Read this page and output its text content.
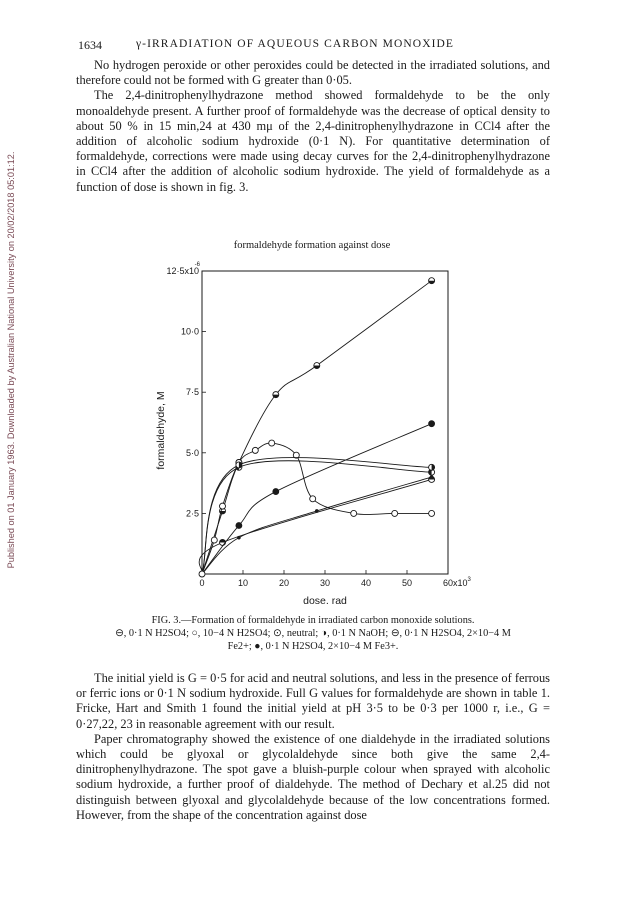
Published on 01 January 1963. Downloaded by Australian National University on 20/02/2018 05:01:12.
1634	γ-IRRADIATION OF AQUEOUS CARBON MONOXIDE

No hydrogen peroxide or other peroxides could be detected in the irradiated solutions, and therefore could not be formed with G greater than 0·05.

The 2,4-dinitrophenylhydrazone method showed formaldehyde to be the only monoaldehyde present. A further proof of formaldehyde was the decrease of optical density to about 50 % in 15 min,24 at 430 mμ of the 2,4-dinitrophenylhydrazone in CCl4 after the addition of alcoholic sodium hydroxide (0·1 N). For quantitative determination of formaldehyde, corrections were made using decay curves for the 2,4-dinitrophenylhydrazone in CCl4 after the addition of alcoholic sodium hydroxide. The yield of formaldehyde as a function of dose is shown in fig. 3.

formaldehyde formation against dose
0	10	20	30	40	50	$60x10^3$
2·5
5·0
7·5
10·0
12·5x10
-6
dose, rad
formaldehyde, M
FIG. 3.—Formation of formaldehyde in irradiated carbon monoxide solutions.
⊖, 0·1 N H2SO4; ○, 10−4 N H2SO4; ⊙, neutral; ◑, 0·1 N NaOH; ⊖, 0·1 N H2SO4, 2×10−4 M
Fe2+; ●, 0·1 N H2SO4, 2×10−4 M Fe3+.

The initial yield is G = 0·5 for acid and neutral solutions, and less in the presence of ferrous or ferric ions or 0·1 N sodium hydroxide. Full G values for formaldehyde are shown in table 1. Fricke, Hart and Smith 1 found the initial yield at pH 3·5 to be 0·3 per 1000 r, i.e., G = 0·27,22, 23 in reasonable agreement with our result.

Paper chromatography showed the existence of one dialdehyde in the irradiated solutions which could be glyoxal or glycolaldehyde since both give the same 2,4-dinitrophenylhydrazone. The spot gave a bluish-purple colour when sprayed with alcoholic sodium hydroxide, a further proof of dialdehyde. The method of Dechary et al.25 did not distinguish between glyoxal and glycolaldehyde because of the low concentrations formed. However, from the shape of the concentration against dose
